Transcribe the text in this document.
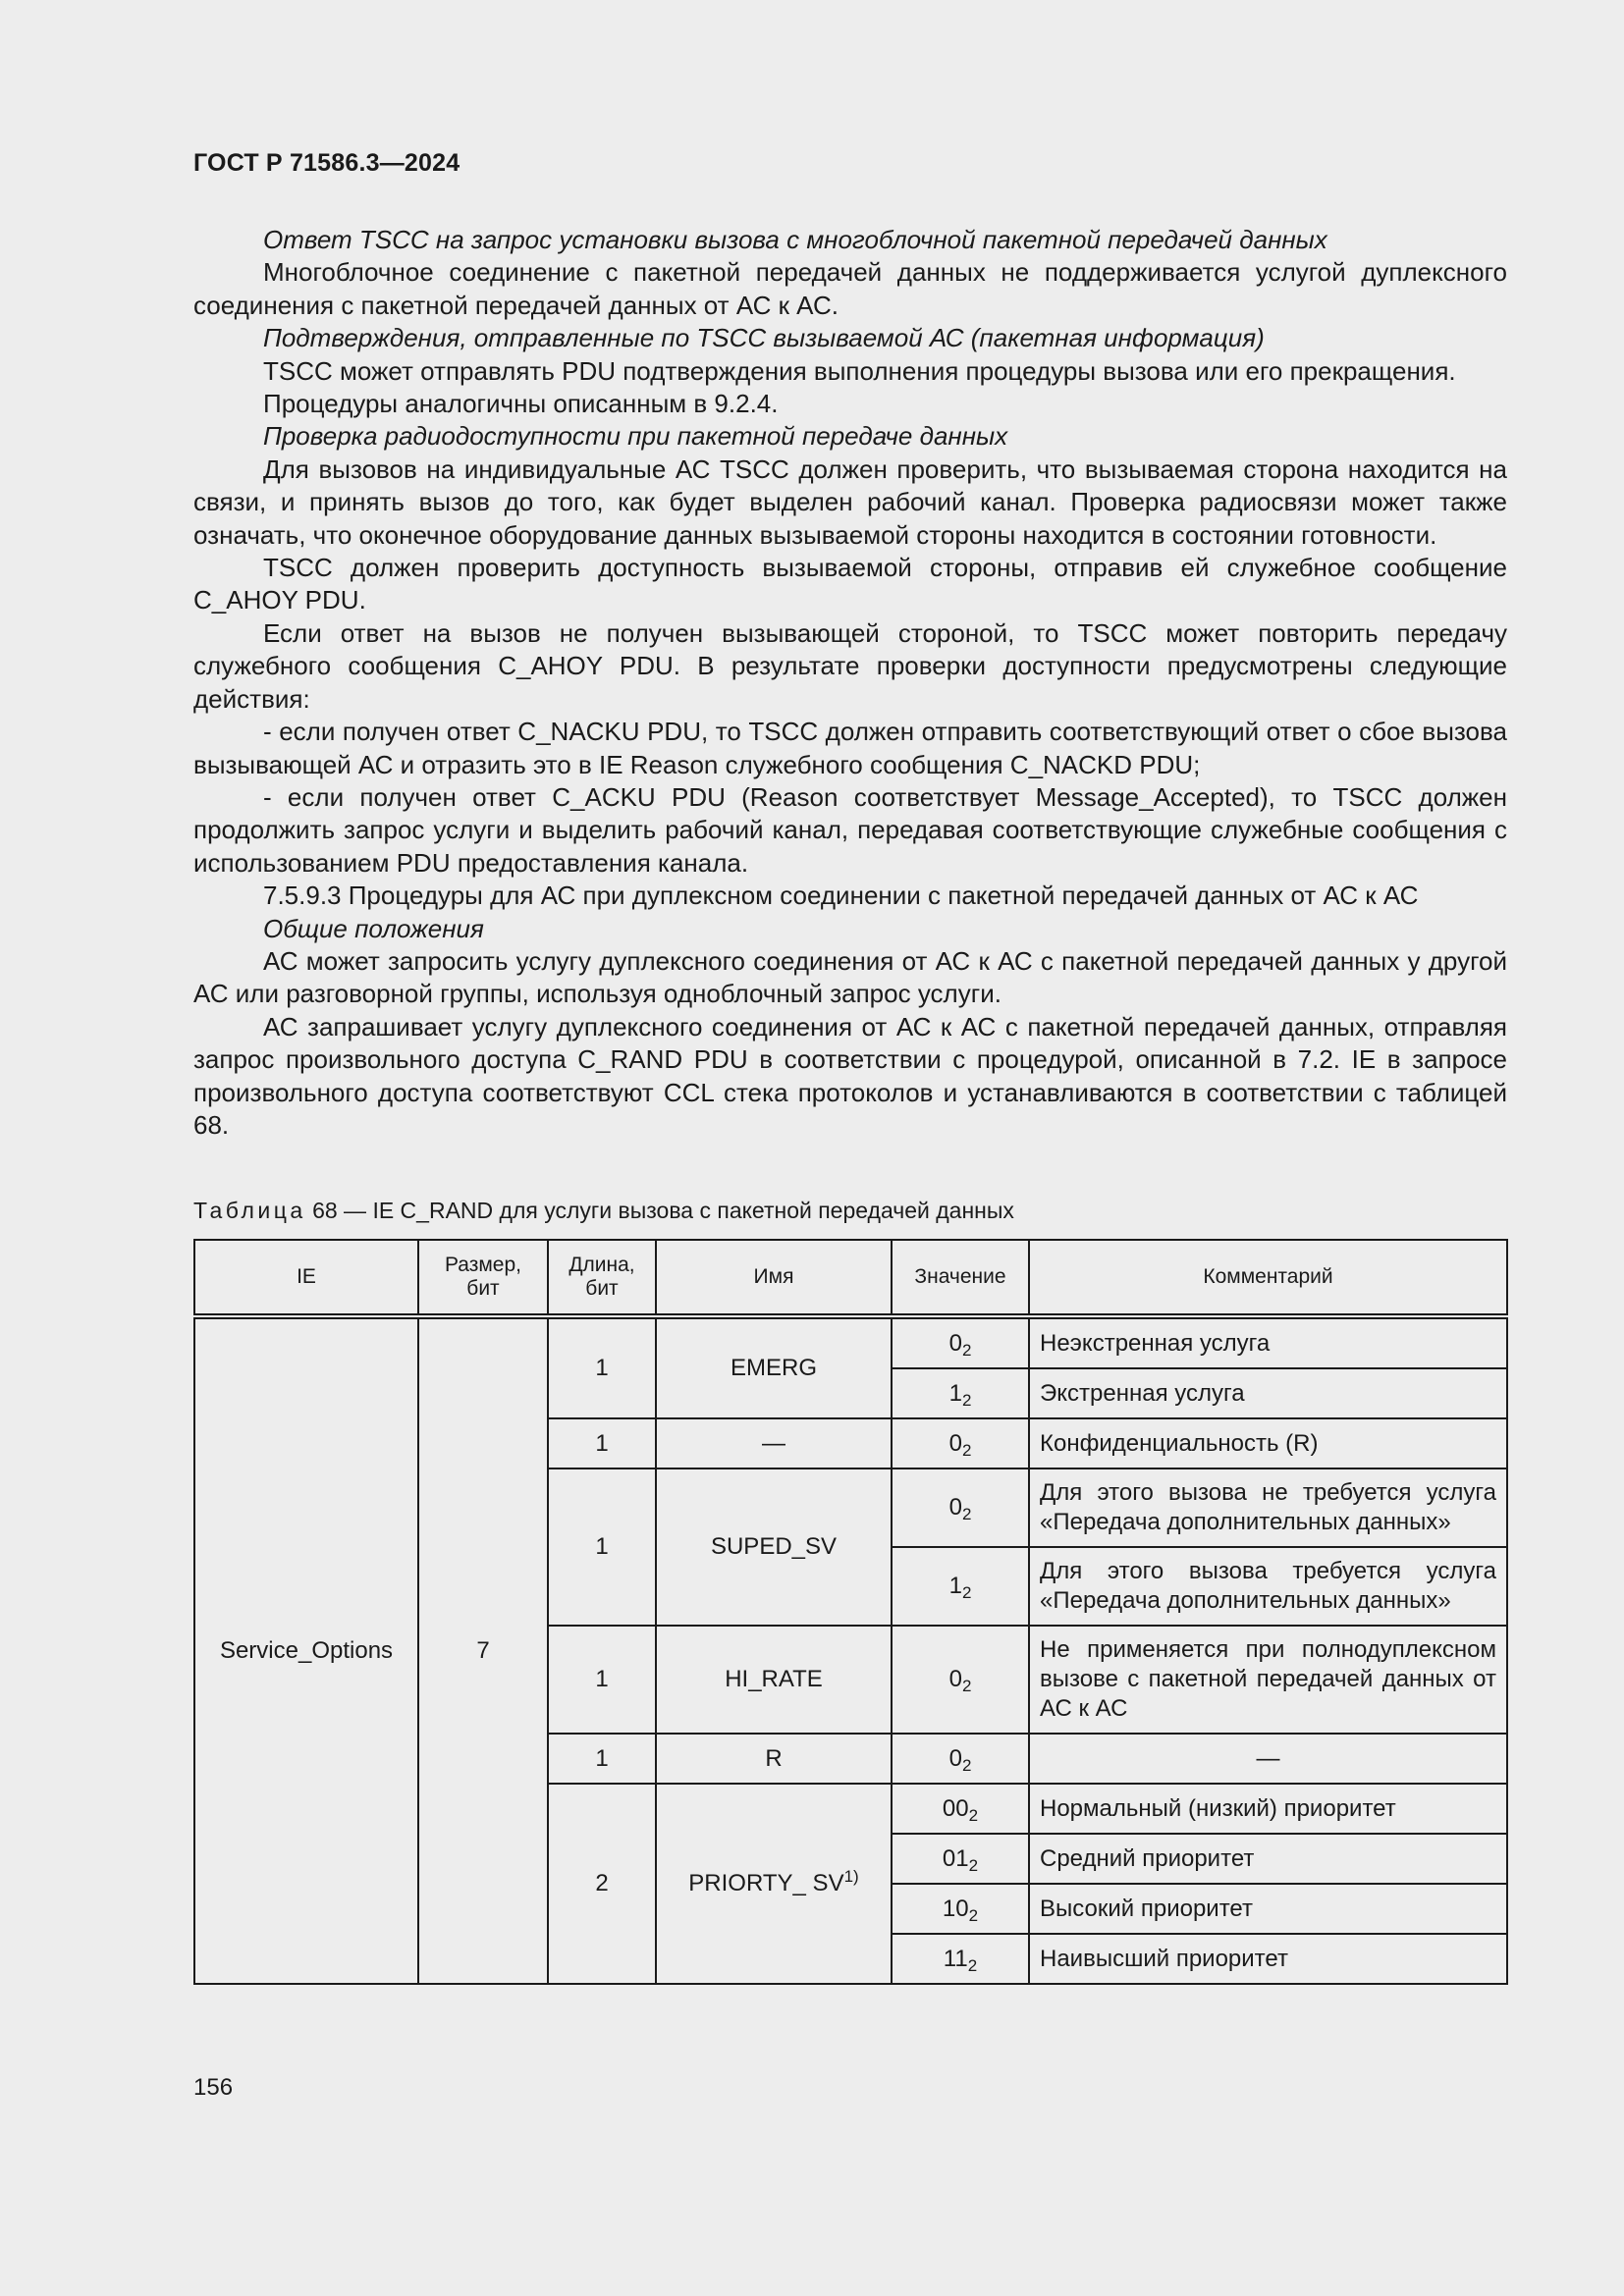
ГОСТ Р 71586.3—2024

Ответ TSCC на запрос установки вызова с многоблочной пакетной передачей данных

Многоблочное соединение с пакетной передачей данных не поддерживается услугой дуплексного соединения с пакетной передачей данных от АС к АС.

Подтверждения, отправленные по TSCC вызываемой АС (пакетная информация)

TSCC может отправлять PDU подтверждения выполнения процедуры вызова или его прекращения.

Процедуры аналогичны описанным в 9.2.4.

Проверка радиодоступности при пакетной передаче данных

Для вызовов на индивидуальные АС TSCC должен проверить, что вызываемая сторона находится на связи, и принять вызов до того, как будет выделен рабочий канал. Проверка радиосвязи может также означать, что оконечное оборудование данных вызываемой стороны находится в состоянии готовности.

TSCC должен проверить доступность вызываемой стороны, отправив ей служебное сообщение C_AHOY PDU.

Если ответ на вызов не получен вызывающей стороной, то TSCC может повторить передачу служебного сообщения C_AHOY PDU. В результате проверки доступности предусмотрены следующие действия:

- если получен ответ C_NACKU PDU, то TSCC должен отправить соответствующий ответ о сбое вызова вызывающей АС и отразить это в IE Reason служебного сообщения C_NACKD PDU;

- если получен ответ C_ACKU PDU (Reason соответствует Message_Accepted), то TSCC должен продолжить запрос услуги и выделить рабочий канал, передавая соответствующие служебные сообщения с использованием PDU предоставления канала.

7.5.9.3 Процедуры для АС при дуплексном соединении с пакетной передачей данных от АС к АС

Общие положения

АС может запросить услугу дуплексного соединения от АС к АС с пакетной передачей данных у другой АС или разговорной группы, используя одноблочный запрос услуги.

АС запрашивает услугу дуплексного соединения от АС к АС с пакетной передачей данных, отправляя запрос произвольного доступа C_RAND PDU в соответствии с процедурой, описанной в 7.2. IE в запросе произвольного доступа соответствуют CCL стека протоколов и устанавливаются в соответствии с таблицей 68.

Таблица 68 — IE C_RAND для услуги вызова с пакетной передачей данных
IE	Размер, бит	Длина, бит	Имя	Значение	Комментарий
Service_Options	7	1	EMERG	$0_2$	Неэкстренная услуга
				$1_2$	Экстренная услуга
		1	—	$0_2$	Конфиденциальность (R)
		1	SUPED_SV	$0_2$	Для этого вызова не требуется услуга «Передача дополнительных данных»
				$1_2$	Для этого вызова требуется услуга «Передача дополнительных данных»
		1	HI_RATE	$0_2$	Не применяется при полнодуплексном вызове с пакетной передачей данных от АС к АС
		1	R	$0_2$	—
		2	PRIORTY_ SV$^{1)}$	$00_2$	Нормальный (низкий) приоритет
				$01_2$	Средний приоритет
				$10_2$	Высокий приоритет
				$11_2$	Наивысший приоритет
156
